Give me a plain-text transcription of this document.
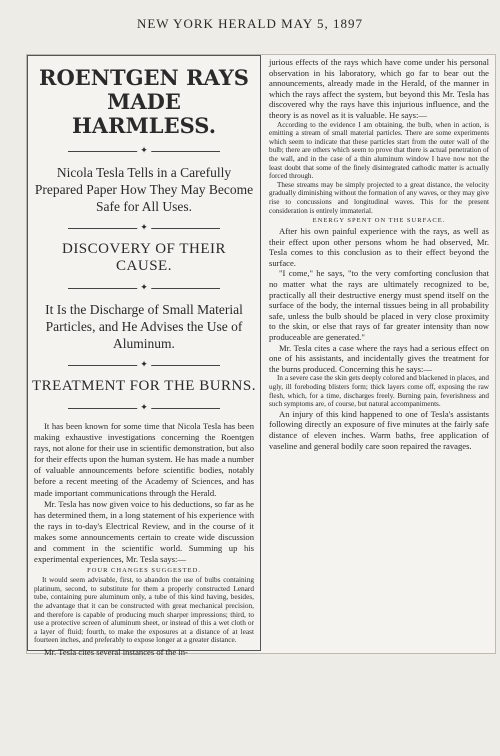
NEW YORK HERALD MAY 5, 1897
ROENTGEN RAYS
MADE HARMLESS.
✦
Nicola Tesla Tells in a Carefully Prepared Paper How They May Become Safe for All Uses.
✦
DISCOVERY OF THEIR CAUSE.
✦
It Is the Discharge of Small Material Particles, and He Advises the Use of Aluminum.
✦
TREATMENT FOR THE BURNS.
✦

It has been known for some time that Nicola Tesla has been making exhaustive investigations concerning the Roentgen rays, not alone for their use in scientific demonstration, but also for their effects upon the human system. He has made a number of valuable announcements before scientific bodies, notably before a recent meeting of the Academy of Sciences, and has made important communications through the Herald.

Mr. Tesla has now given voice to his deductions, so far as he has determined them, in a long statement of his experience with the rays in to-day's Electrical Review, and in the course of it makes some announcements certain to create wide discussion and comment in the scientific world. Summing up his experimental experiences, Mr. Tesla says:—

FOUR CHANGES SUGGESTED.

It would seem advisable, first, to abandon the use of bulbs containing platinum, second, to substitute for them a properly constructed Lenard tube, containing pure aluminum only, a tube of this kind having, besides, the advantage that it can be constructed with great mechanical precision, and therefore is capable of producing much sharper impressions; third, to use a protective screen of aluminum sheet, or instead of this a wet cloth or a layer of fluid; fourth, to make the exposures at a distance of at least fourteen inches, and preferably to expose longer at a greater distance.

Mr. Tesla cites several instances of the in-

jurious effects of the rays which have come under his personal observation in his laboratory, which go far to bear out the announcements, already made in the Herald, of the manner in which the rays affect the system, but beyond this Mr. Tesla has discovered why the rays have this injurious influence, and the theory is as novel as it is valuable. He says:—

According to the evidence I am obtaining, the bulb, when in action, is emitting a stream of small material particles. There are some experiments which seem to indicate that these particles start from the outer wall of the bulb; there are others which seem to prove that there is actual penetration of the wall, and in the case of a thin aluminum window I have now not the least doubt that some of the finely disintegrated cathodic matter is actually forced through.

These streams may be simply projected to a great distance, the velocity gradually diminishing without the formation of any waves, or they may give rise to concussions and longitudinal waves. This for the present consideration is entirely immaterial.

ENERGY SPENT ON THE SURFACE.

After his own painful experience with the rays, as well as their effect upon other persons whom he had observed, Mr. Tesla comes to this conclusion as to their effect beyond the surface.

"I come," he says, "to the very comforting conclusion that no matter what the rays are ultimately recognized to be, practically all their destructive energy must spend itself on the surface of the body, the internal tissues being in all probability safe, unless the bulb should be placed in very close proximity to the skin, or else that rays of far greater intensity than now produceable are generated."

Mr. Tesla cites a case where the rays had a serious effect on one of his assistants, and incidentally gives the treatment for the burns produced. Concerning this he says:—

In a severe case the skin gets deeply colored and blackened in places, and ugly, ill foreboding blisters form; thick layers come off, exposing the raw flesh, which, for a time, discharges freely. Burning pain, feverishness and such symptoms are, of course, but natural accompaniments.

An injury of this kind happened to one of Tesla's assistants following directly an exposure of five minutes at the fairly safe distance of eleven inches. Warm baths, free application of vaseline and general bodily care soon repaired the ravages.
